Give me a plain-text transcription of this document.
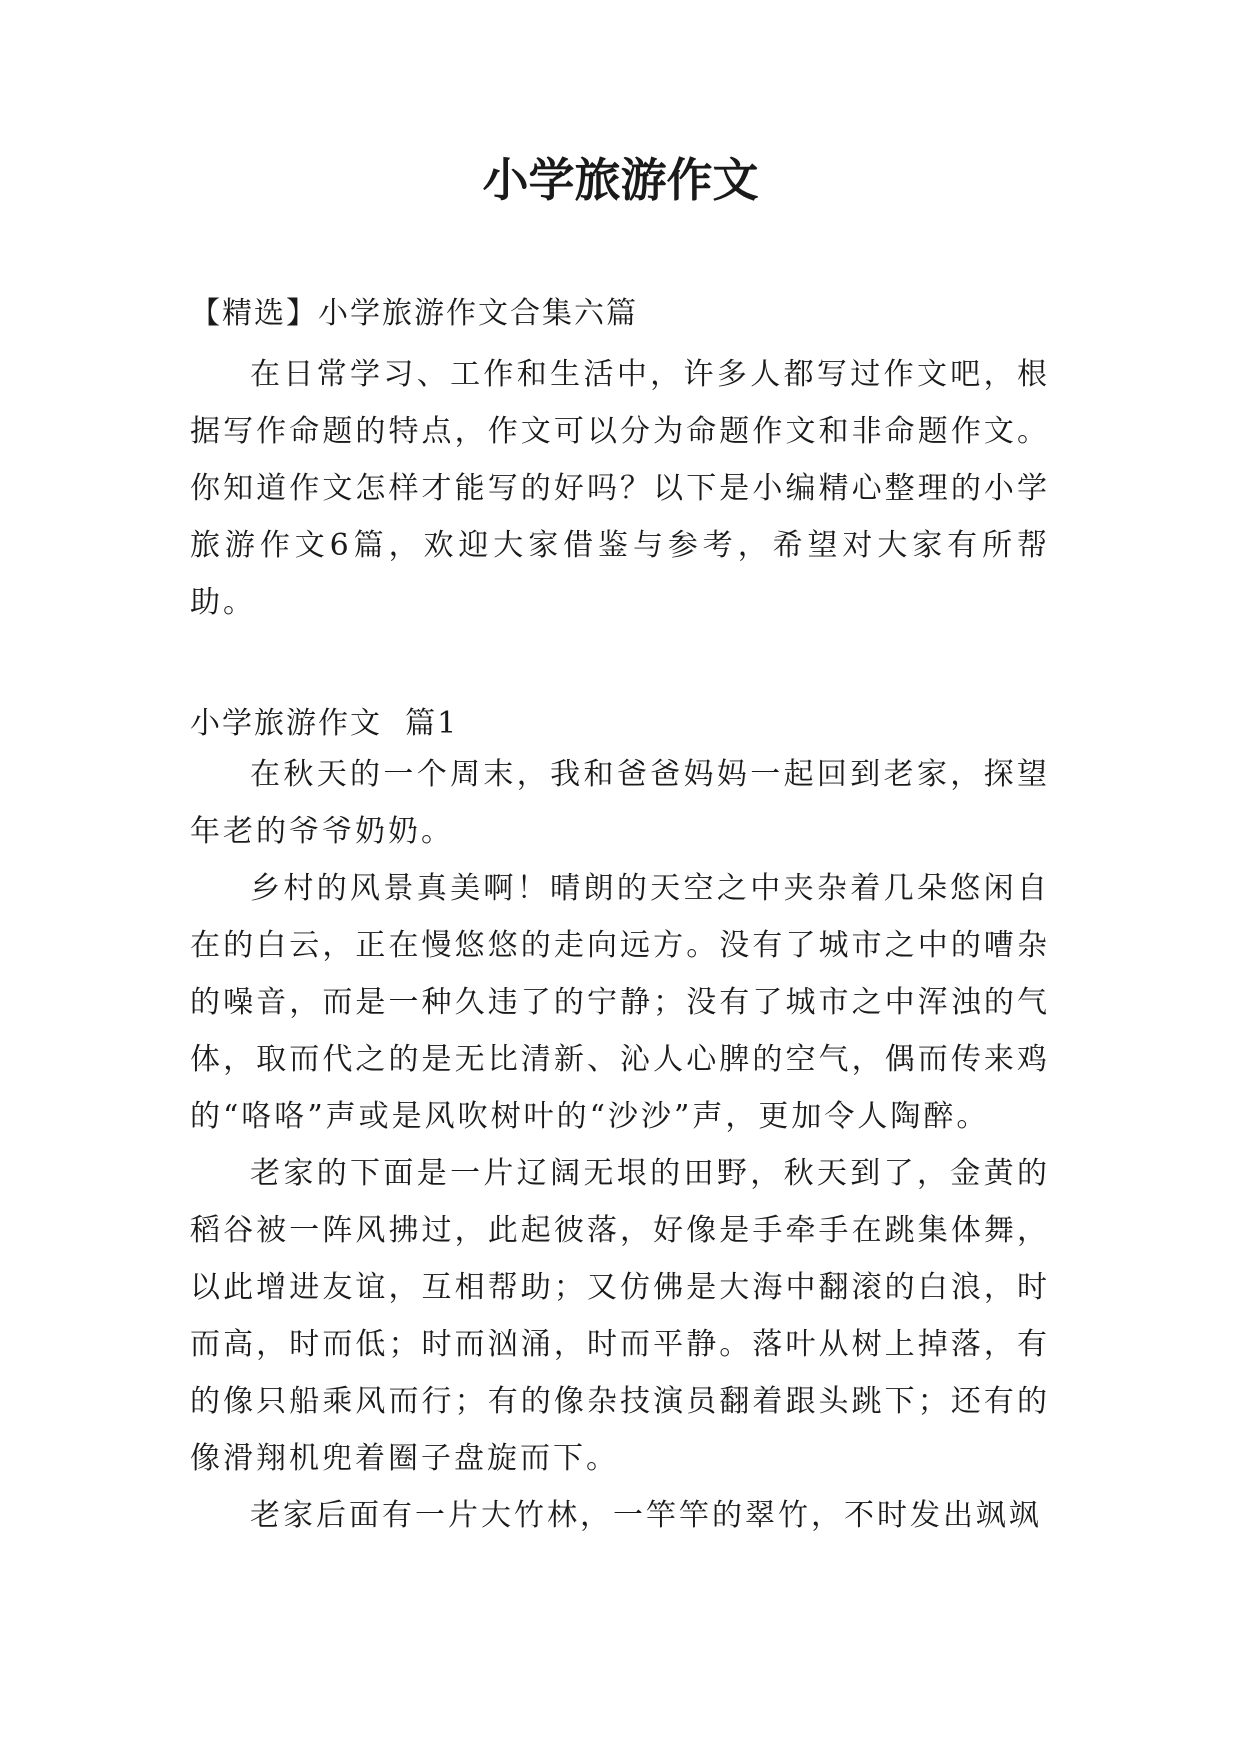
小学旅游作文
【精选】小学旅游作文合集六篇

在日常学习、工作和生活中，许多人都写过作文吧，根据写作命题的特点，作文可以分为命题作文和非命题作文。你知道作文怎样才能写的好吗？以下是小编精心整理的小学旅游作文6篇，欢迎大家借鉴与参考，希望对大家有所帮助。

小学旅游作文  篇1

在秋天的一个周末，我和爸爸妈妈一起回到老家，探望年老的爷爷奶奶。

乡村的风景真美啊！晴朗的天空之中夹杂着几朵悠闲自在的白云，正在慢悠悠的走向远方。没有了城市之中的嘈杂的噪音，而是一种久违了的宁静；没有了城市之中浑浊的气体，取而代之的是无比清新、沁人心脾的空气，偶而传来鸡的“咯咯”声或是风吹树叶的“沙沙”声，更加令人陶醉。

老家的下面是一片辽阔无垠的田野，秋天到了，金黄的稻谷被一阵风拂过，此起彼落，好像是手牵手在跳集体舞，以此增进友谊，互相帮助；又仿佛是大海中翻滚的白浪，时而高，时而低；时而汹涌，时而平静。落叶从树上掉落，有的像只船乘风而行；有的像杂技演员翻着跟头跳下；还有的像滑翔机兜着圈子盘旋而下。

老家后面有一片大竹林，一竿竿的翠竹，不时发出飒飒
